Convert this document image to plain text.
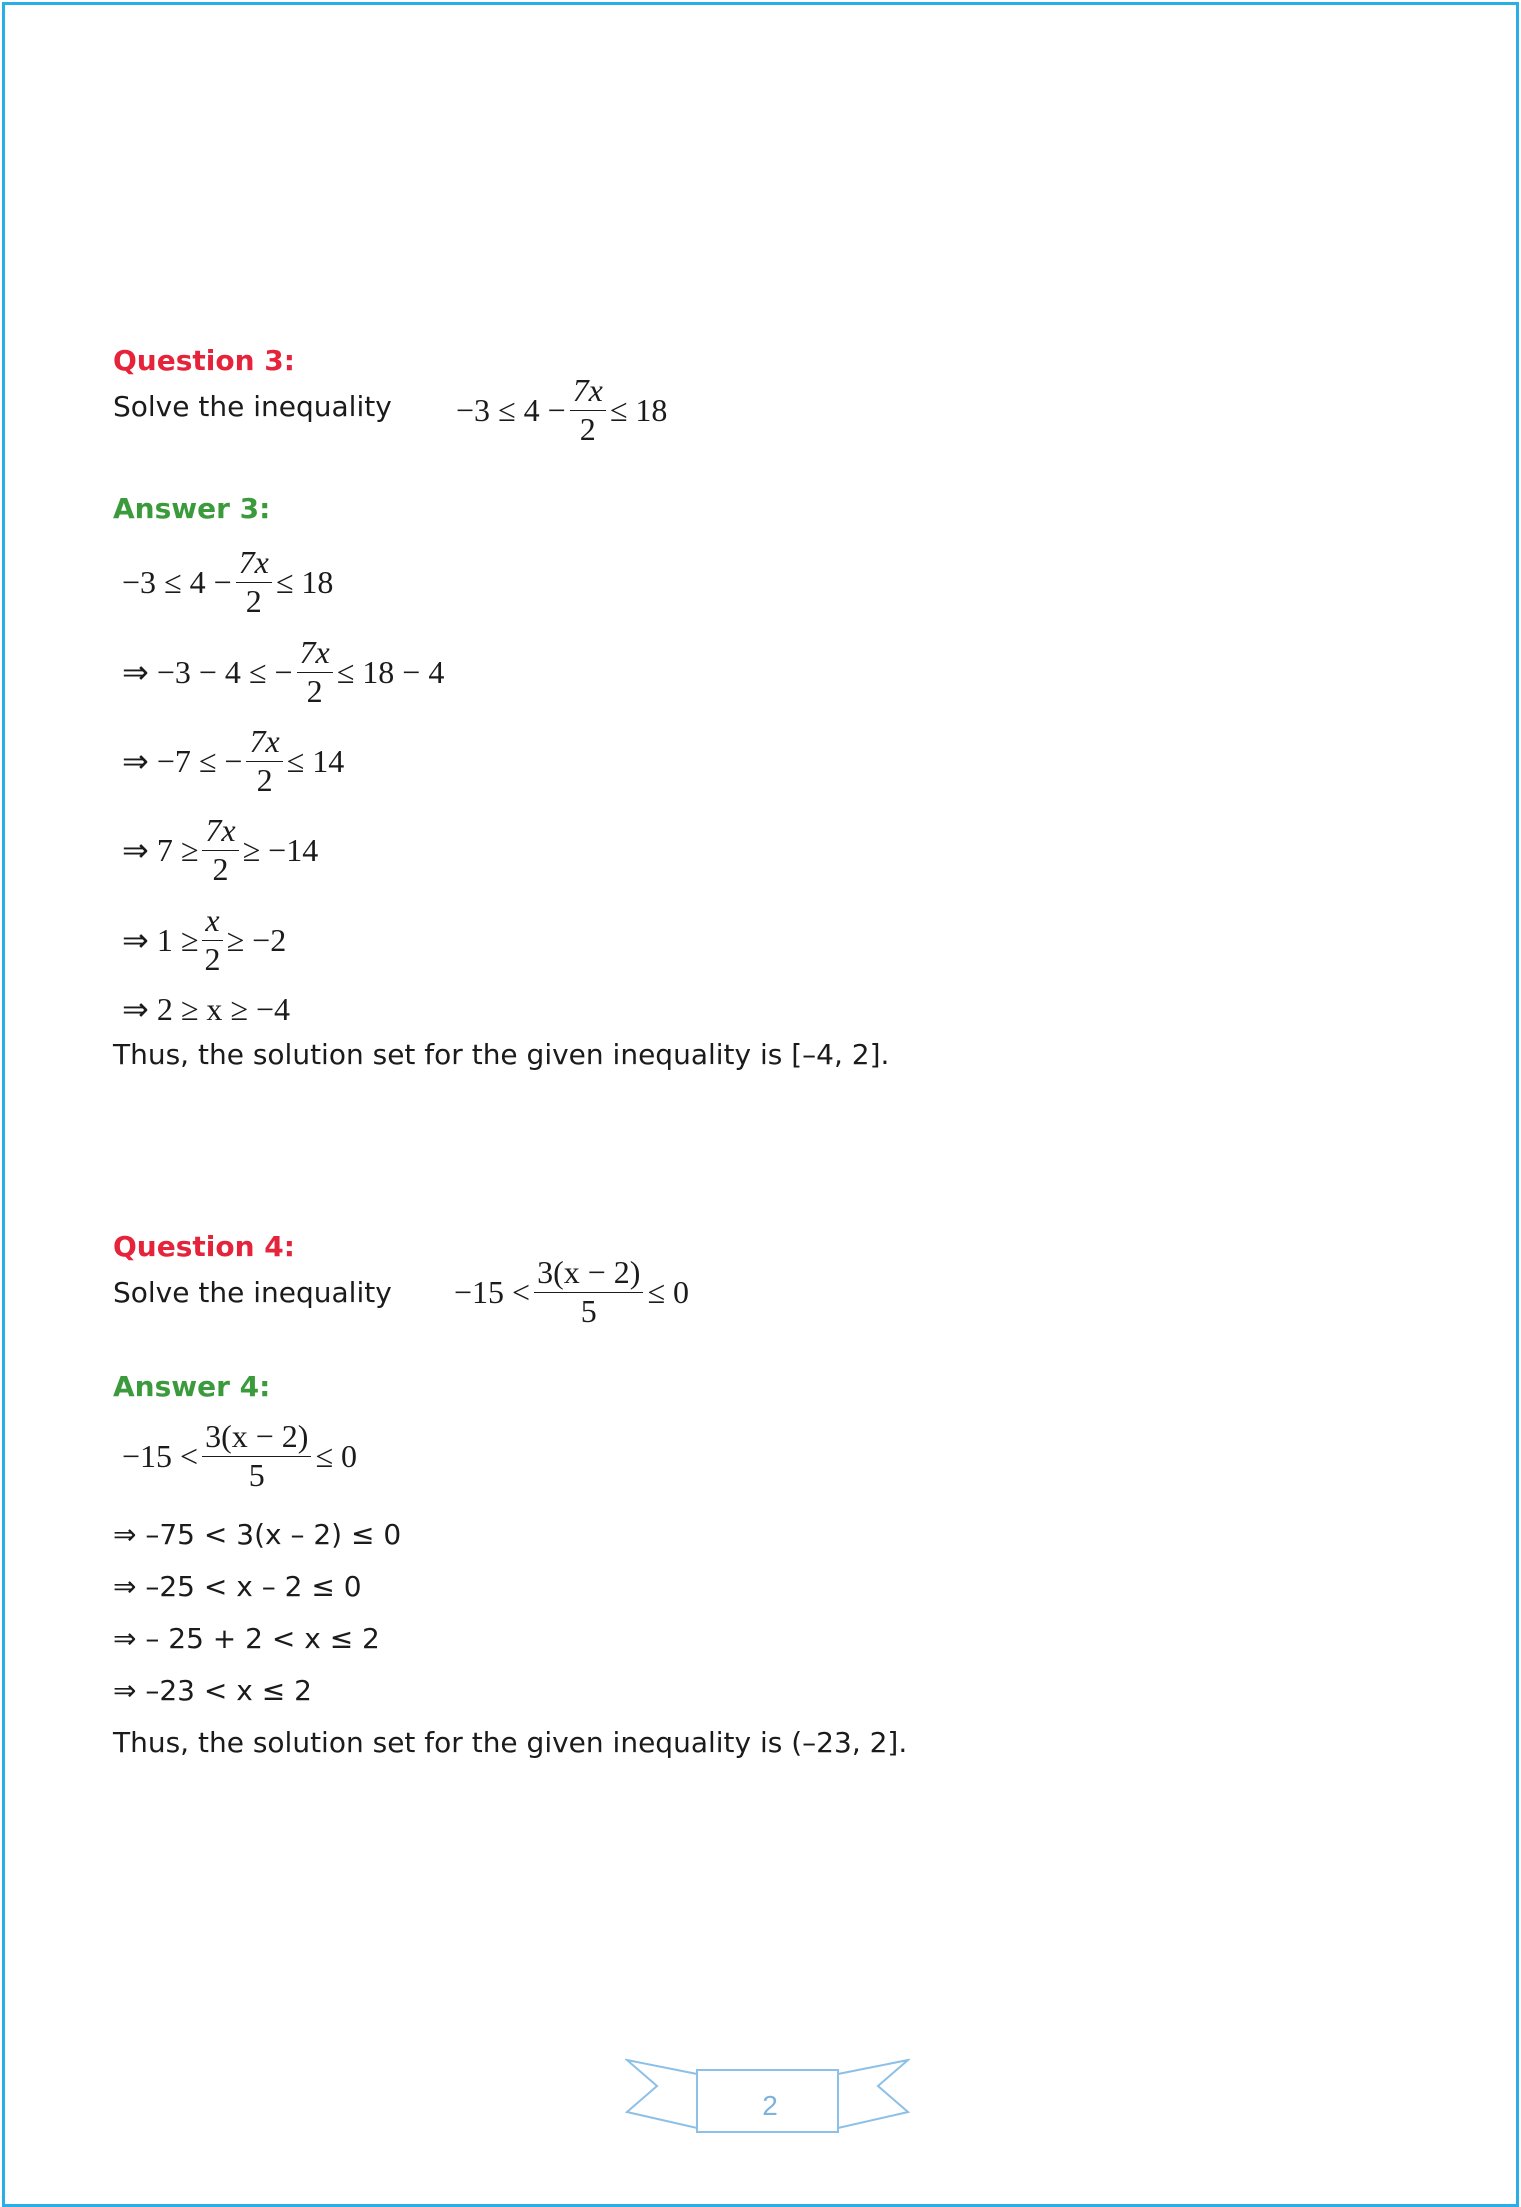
Question 3:
Solve the inequality $-3 \le 4 - \frac{7x}{2} \le 18$
Answer 3:
$-3 \le 4 - \frac{7x}{2} \le 18$
⇒ −3 − 4 ≤ − $\frac{7x}{2} \le 18 - 4$
⇒ −7 ≤ − $\frac{7x}{2} \le 14$
⇒ $7 \ge \frac{7x}{2} \ge -14$
⇒ $1 \ge \frac{x}{2} \ge -2$
⇒ 2 ≥ x ≥ −4
Thus, the solution set for the given inequality is [–4, 2].
Question 4:
Solve the inequality $-15 < \frac{3(x - 2)}{5} \le 0$
Answer 4:
$-15 < \frac{3(x - 2)}{5} \le 0$
⇒ –75 < 3(x – 2) ≤ 0
⇒ –25 < x – 2 ≤ 0
⇒ – 25 + 2 < x ≤ 2
⇒ –23 < x ≤ 2
Thus, the solution set for the given inequality is (–23, 2].
2
